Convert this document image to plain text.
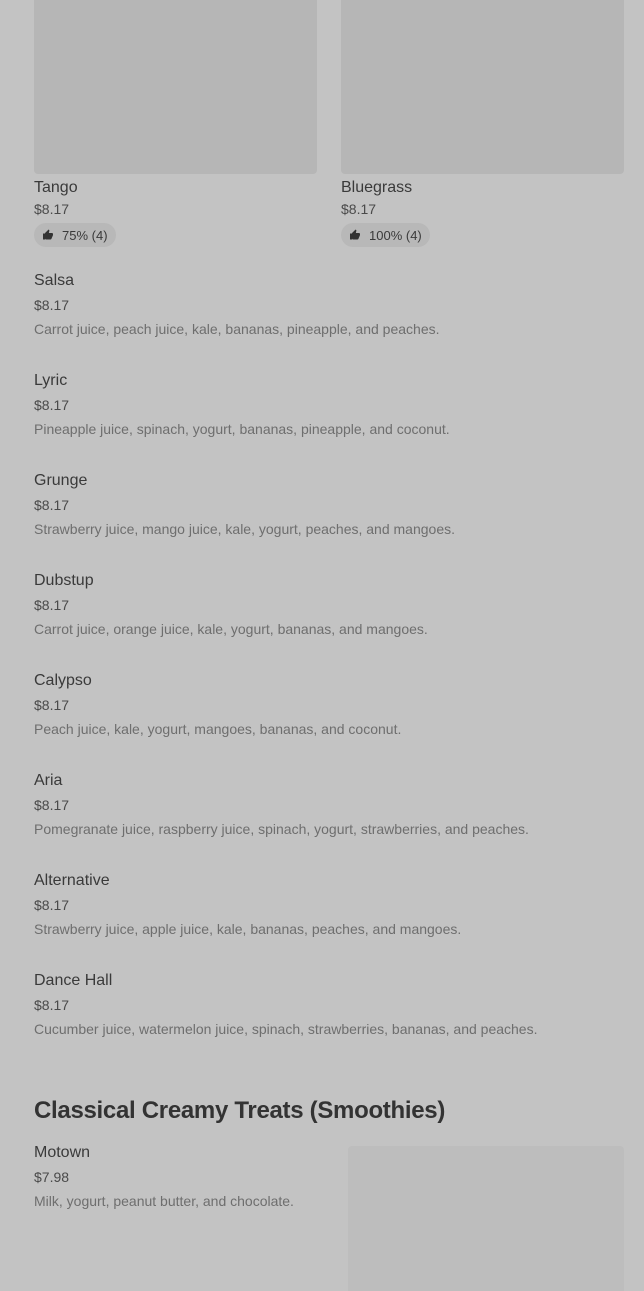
Tango
$8.17
75% (4)
Bluegrass
$8.17
100% (4)
Salsa
$8.17
Carrot juice, peach juice, kale, bananas, pineapple, and peaches.
Lyric
$8.17
Pineapple juice, spinach, yogurt, bananas, pineapple, and coconut.
Grunge
$8.17
Strawberry juice, mango juice, kale, yogurt, peaches, and mangoes.
Dubstup
$8.17
Carrot juice, orange juice, kale, yogurt, bananas, and mangoes.
Calypso
$8.17
Peach juice, kale, yogurt, mangoes, bananas, and coconut.
Aria
$8.17
Pomegranate juice, raspberry juice, spinach, yogurt, strawberries, and peaches.
Alternative
$8.17
Strawberry juice, apple juice, kale, bananas, peaches, and mangoes.
Dance Hall
$8.17
Cucumber juice, watermelon juice, spinach, strawberries, bananas, and peaches.
Classical Creamy Treats (Smoothies)
Motown
$7.98
Milk, yogurt, peanut butter, and chocolate.
